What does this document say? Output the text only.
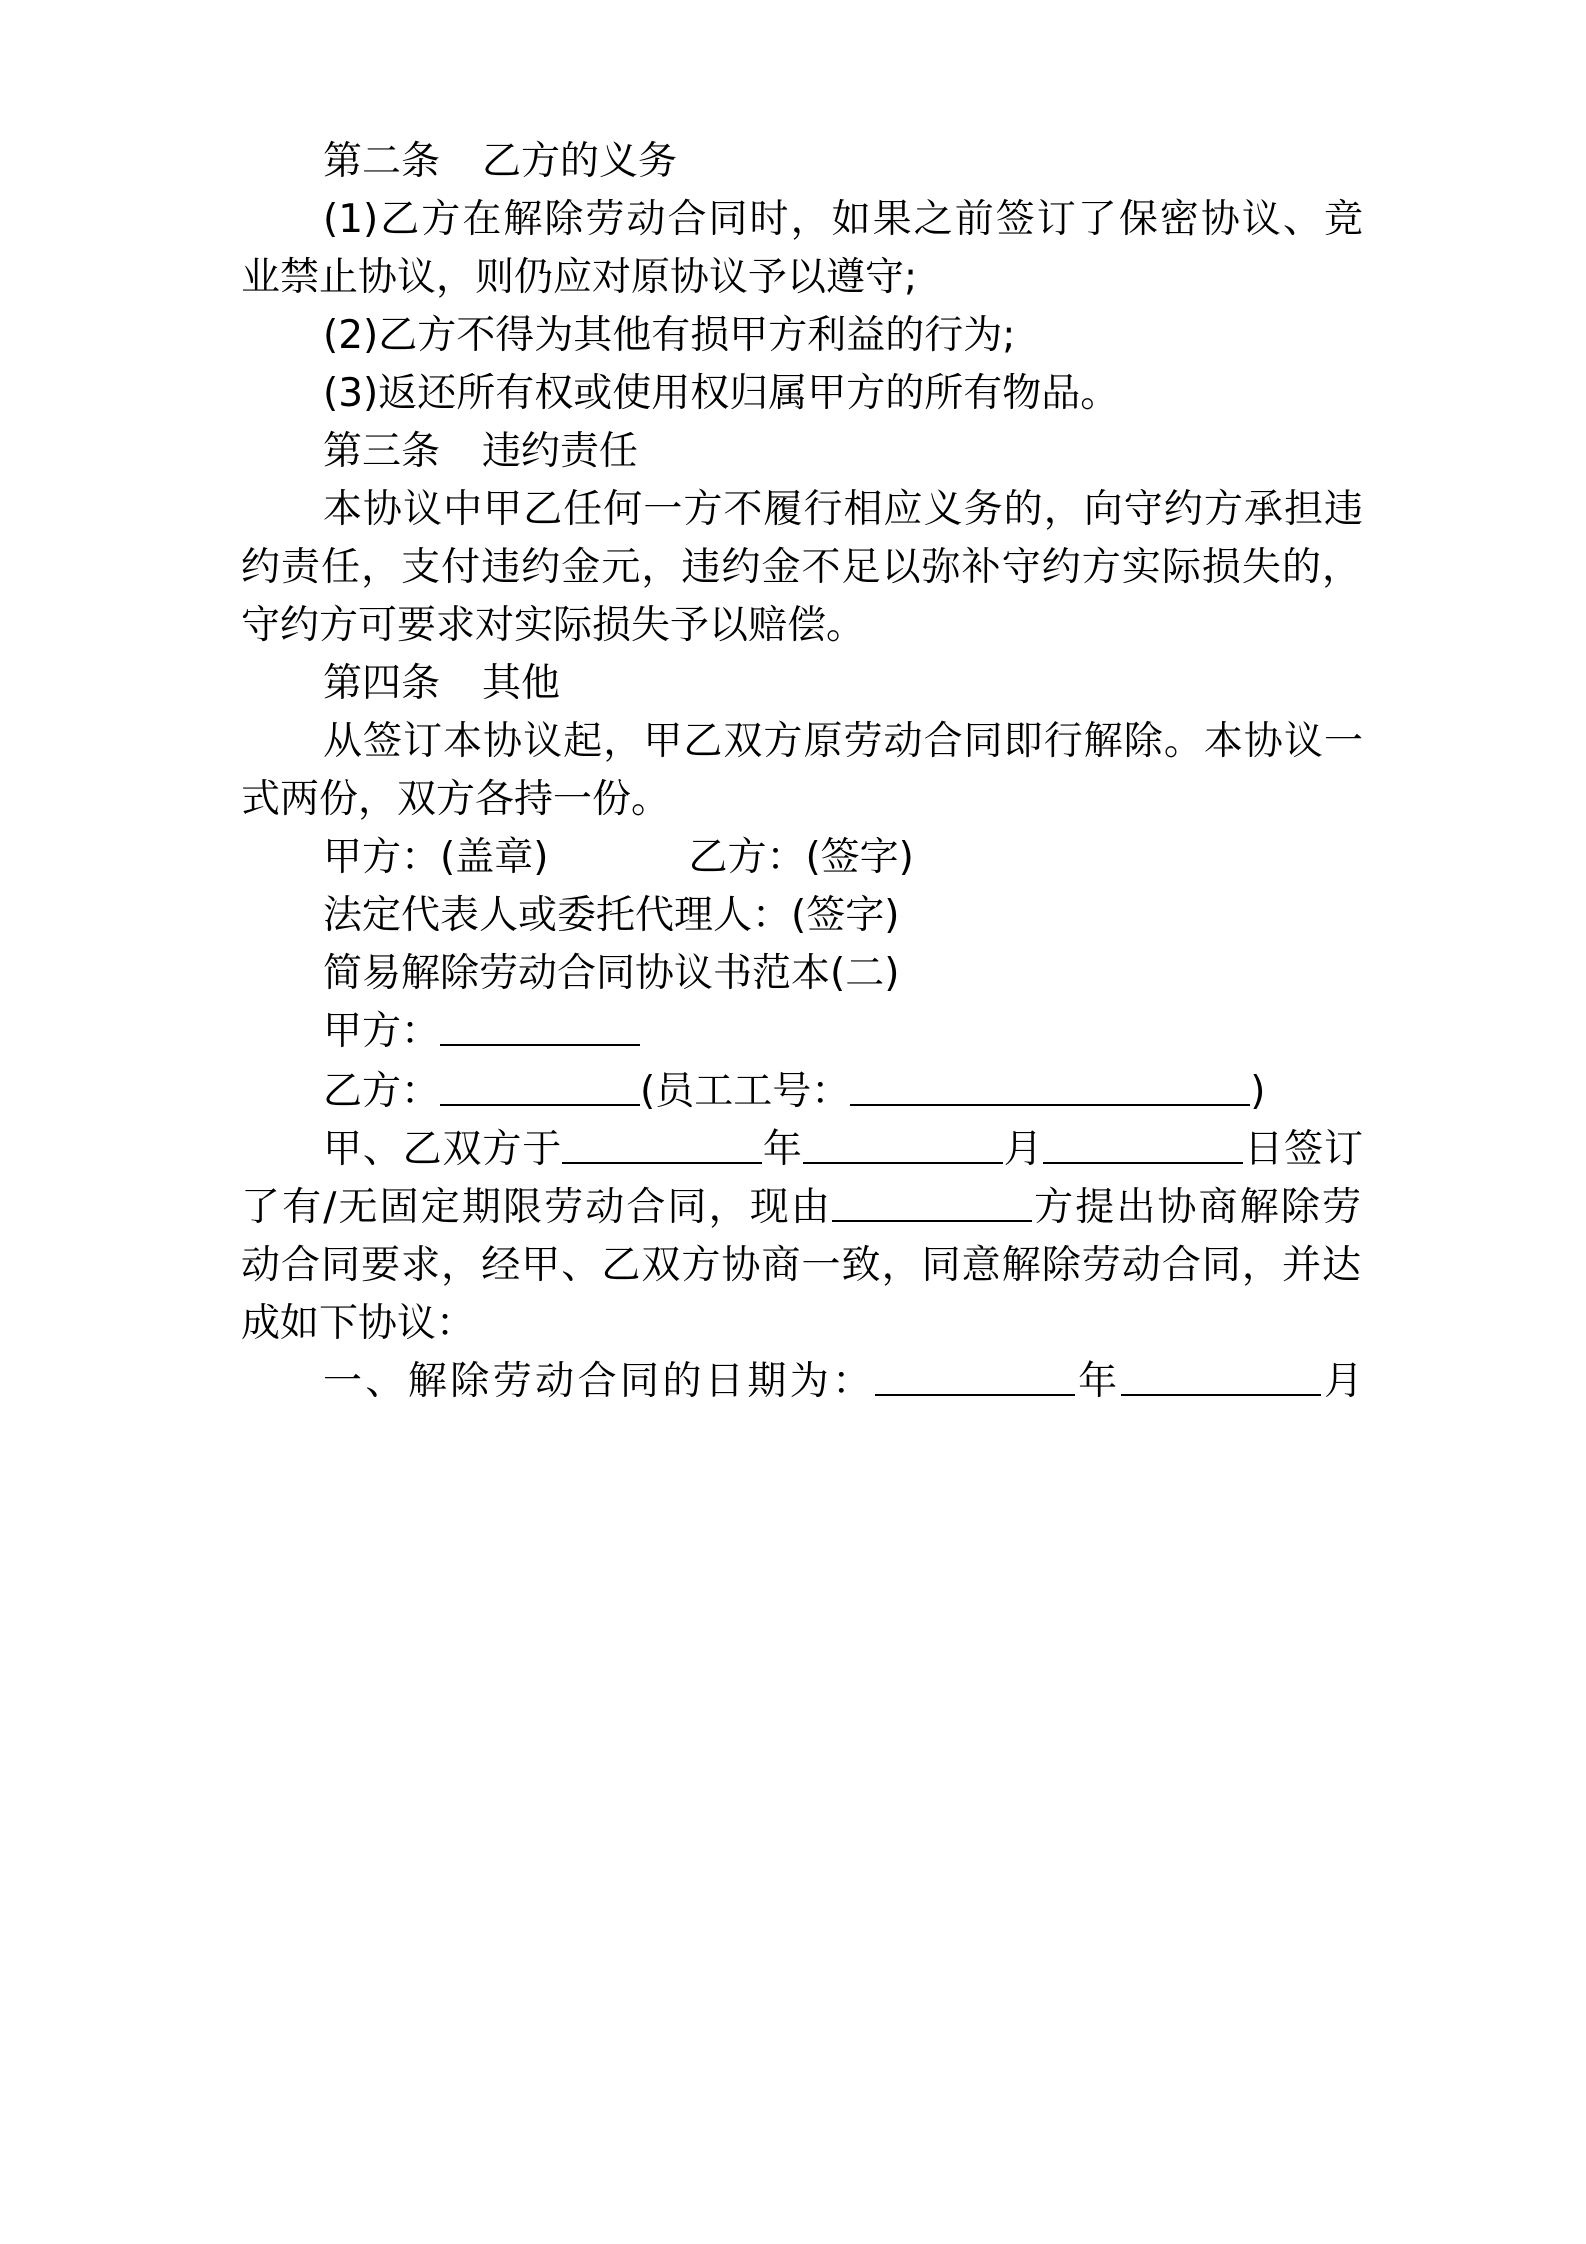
第二条 乙方的义务
(1)乙方在解除劳动合同时，如果之前签订了保密协议、竞
业禁止协议，则仍应对原协议予以遵守;
(2)乙方不得为其他有损甲方利益的行为;
(3)返还所有权或使用权归属甲方的所有物品。
第三条 违约责任
本协议中甲乙任何一方不履行相应义务的，向守约方承担违
约责任，支付违约金元，违约金不足以弥补守约方实际损失的，
守约方可要求对实际损失予以赔偿。
第四条 其他
从签订本协议起，甲乙双方原劳动合同即行解除。本协议一
式两份，双方各持一份。
甲方：(盖章)	乙方：(签字)
法定代表人或委托代理人：(签字)
简易解除劳动合同协议书范本(二)
甲方：
乙方：	(员工工号：	)
甲、乙双方于	年	月	日签订
了有/无固定期限劳动合同，现由	方提出协商解除劳
动合同要求，经甲、乙双方协商一致，同意解除劳动合同，并达
成如下协议：
一、解除劳动合同的日期为：	年	月
